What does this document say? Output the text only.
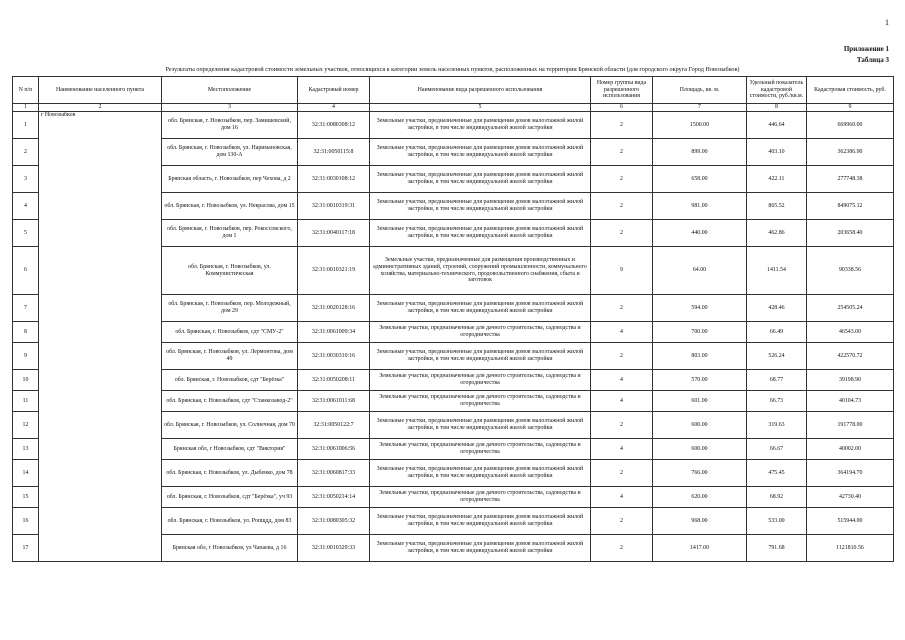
1
Приложение 1
Таблица 3
Результаты определения кадастровой стоимости земельных участков, относящихся к категории земель населенных пунктов, расположенных на территории Брянской области (для городского округа Город Новозыбков)
N п/п	Наименование населенного пункта	Местоположение	Кадастровый номер	Наименование вида разрешенного использования	Номер группы вида разрешенного использования	Площадь, кв. м.	Удельный показатель кадастровой стоимости, руб./кв.м.	Кадастровая стоимость, руб.
1	2	3	4	5	6	7	8	9
1	г Новозыбков	обл. Брянская, г. Новозыбков, пер. Замишевский, дом 16	32:31:0080308:12	Земельные участки, предназначенные для размещения домов малоэтажной жилой застройки, в том числе индивидуальной жилой застройки	2	1500.00	446.64	669960.00
2		обл. Брянская, г. Новозыбков, ул. Наримановская, дом 130-А	32:31:0050115:8	Земельные участки, предназначенные для размещения домов малоэтажной жилой застройки, в том числе индивидуальной жилой застройки	2	899.00	403.10	362386.90
3		Брянская область, г. Новозыбков, пер Чехова, д 2	32:31:0030108:12	Земельные участки, предназначенные для размещения домов малоэтажной жилой застройки, в том числе индивидуальной жилой застройки	2	658.00	422.11	277748.38
4		обл. Брянская, г. Новозыбков, ул. Некрасова, дом 15	32:31:0010319:31	Земельные участки, предназначенные для размещения домов малоэтажной жилой застройки, в том числе индивидуальной жилой застройки	2	981.00	865.52	849075.12
5		обл. Брянская, г. Новозыбков, пер. Рокоссовского, дом 1	32:31:0040117:18	Земельные участки, предназначенные для размещения домов малоэтажной жилой застройки, в том числе индивидуальной жилой застройки	2	440.00	462.86	203658.40
6		обл. Брянская, г. Новозыбков, ул. Коммунистическая	32:31:0010321:19	Земельные участки, предназначенные для размещения производственных и административных зданий, строений, сооружений промышленности, коммунального хозяйства, материально-технического, продовольственного снабжения, сбыта и заготовок	9	64.00	1411.54	90338.56
7		обл. Брянская, г. Новозыбков, пер. Молодежный, дом 29	32:31:0020128:16	Земельные участки, предназначенные для размещения домов малоэтажной жилой застройки, в том числе индивидуальной жилой застройки	2	594.00	428.46	254505.24
8		обл. Брянская, г. Новозыбков, сдт "СМУ-2"	32:31:0061009:34	Земельные участки, предназначенные для дачного строительства, садоводства и огородничества	4	700.00	66.49	46543.00
9		обл. Брянская, г. Новозыбков, ул. Лермонтова, дом 49	32:31:0030310:16	Земельные участки, предназначенные для размещения домов малоэтажной жилой застройки, в том числе индивидуальной жилой застройки	2	803.00	526.24	422570.72
10		обл. Брянская, г. Новозыбков, сдт "Берёзка"	32:31:0050208:11	Земельные участки, предназначенные для дачного строительства, садоводства и огородничества	4	570.00	68.77	39198.90
11		обл. Брянская, г. Новозыбков, сдт "Станкозавод-2"	32:31:0061011:68	Земельные участки, предназначенные для дачного строительства, садоводства и огородничества	4	601.00	66.73	40104.73
12		обл. Брянская, г. Новозыбков, ул. Солнечная, дом 70	32:31:0050122:7	Земельные участки, предназначенные для размещения домов малоэтажной жилой застройки, в том числе индивидуальной жилой застройки	2	600.00	319.63	191778.00
13		Брянская обл, г Новозыбков, сдт "Виктория"	32:31:0061006:56	Земельные участки, предназначенные для дачного строительства, садоводства и огородничества	4	600.00	66.67	40002.00
14		обл. Брянская, г. Новозыбков, ул. Дыбенко, дом 78	32:31:0060817:33	Земельные участки, предназначенные для размещения домов малоэтажной жилой застройки, в том числе индивидуальной жилой застройки	2	766.00	475.45	364194.70
15		обл. Брянская, г. Новозыбков, сдт "Берёзка", уч 93	32:31:0050214:14	Земельные участки, предназначенные для дачного строительства, садоводства и огородничества	4	620.00	68.92	42730.40
16		обл. Брянская, г. Новозыбков, ул. Ропщдд, дом 83	32:31:0080305:32	Земельные участки, предназначенные для размещения домов малоэтажной жилой застройки, в том числе индивидуальной жилой застройки	2	968.00	533.00	515944.00
17		Брянская обл, г Новозыбков, ул Чапаева, д 16	32:31:0010329:33	Земельные участки, предназначенные для размещения домов малоэтажной жилой застройки, в том числе индивидуальной жилой застройки	2	1417.00	791.68	1121810.56
